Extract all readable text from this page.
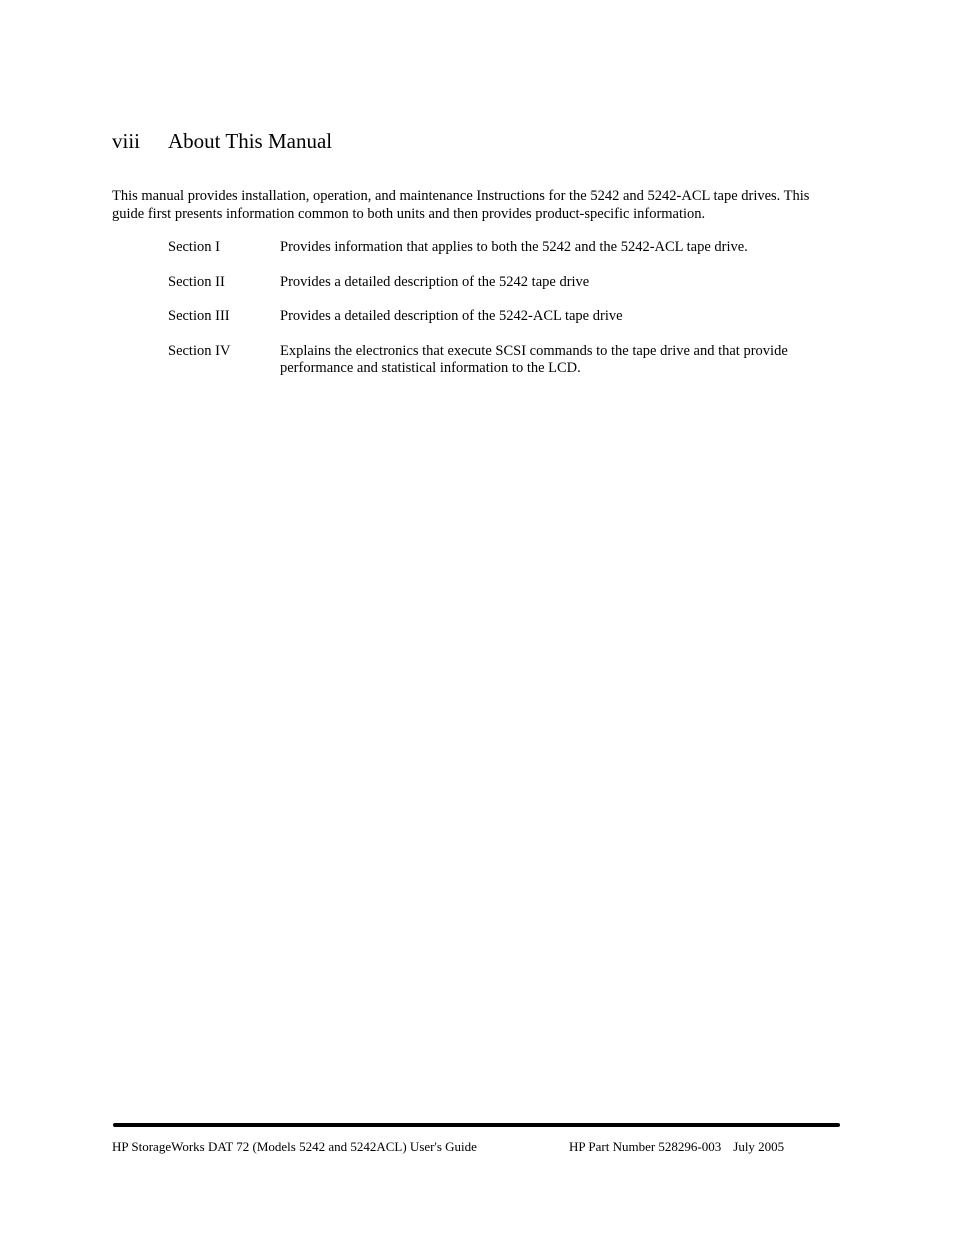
viii About This Manual

This manual provides installation, operation, and maintenance Instructions for the 5242 and 5242-ACL tape drives. This guide first presents information common to both units and then provides product-specific information.

Section I	Provides information that applies to both the 5242 and the 5242-ACL tape drive.
Section II	Provides a detailed description of the 5242 tape drive
Section III	Provides a detailed description of the 5242-ACL tape drive
Section IV	Explains the electronics that execute SCSI commands to the tape drive and that provide performance and statistical information to the LCD.
HP StorageWorks DAT 72 (Models 5242 and 5242ACL) User's Guide	HP Part Number 528296-003 July 2005
